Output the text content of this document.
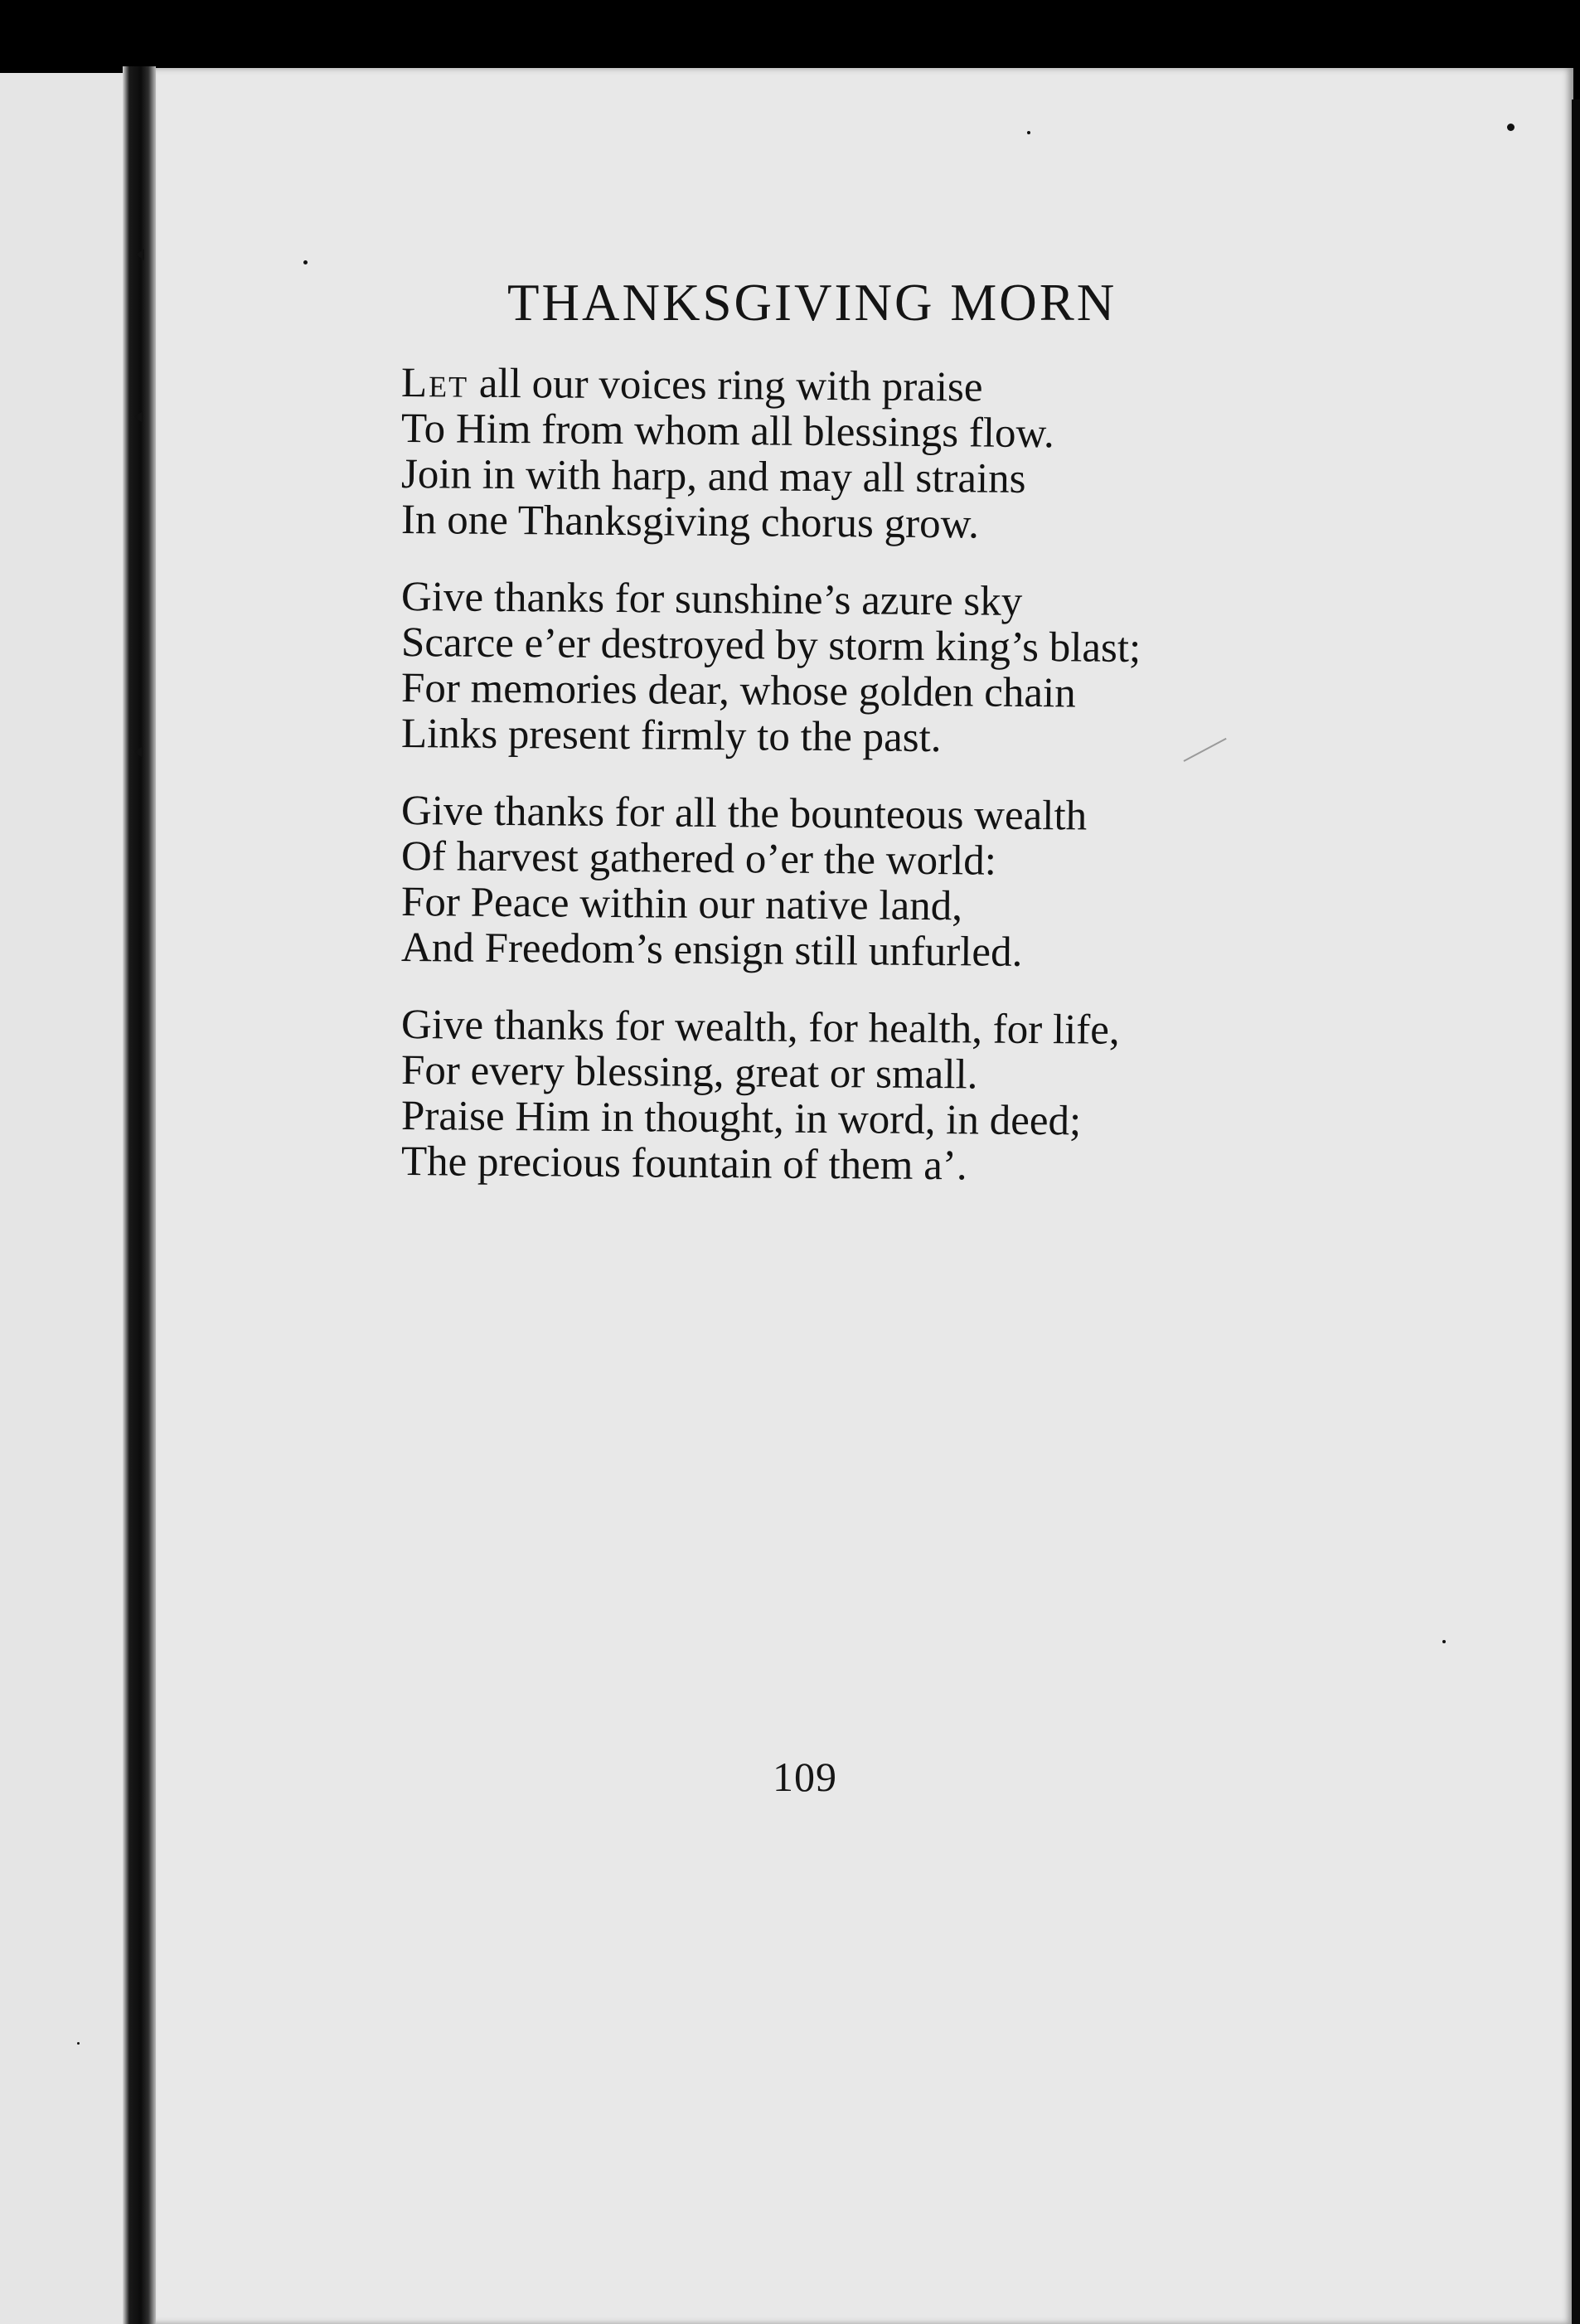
THANKSGIVING MORN
Let all our voices ring with praise
To Him from whom all blessings flow.
Join in with harp, and may all strains
In one Thanksgiving chorus grow.
Give thanks for sunshine’s azure sky
Scarce e’er destroyed by storm king’s blast;
For memories dear, whose golden chain
Links present firmly to the past.
Give thanks for all the bounteous wealth
Of harvest gathered o’er the world:
For Peace within our native land,
And Freedom’s ensign still unfurled.
Give thanks for wealth, for health, for life,
For every blessing, great or small.
Praise Him in thought, in word, in deed;
The precious fountain of them a’.
109
